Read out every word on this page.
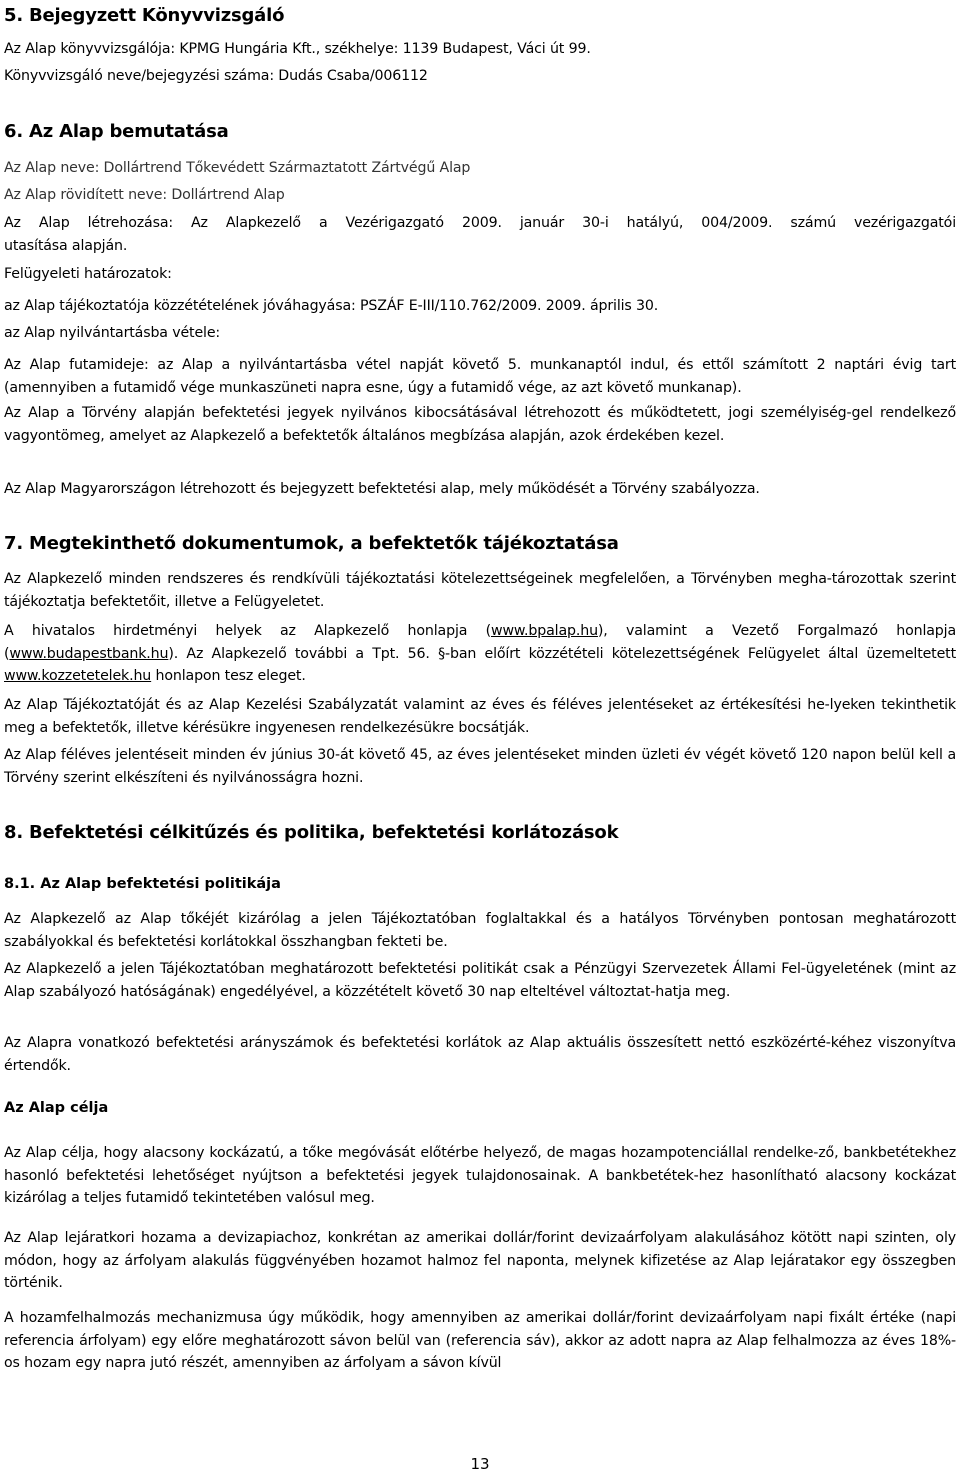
5. Bejegyzett Könyvvizsgáló

Az Alap könyvvizsgálója: KPMG Hungária Kft., székhelye: 1139 Budapest, Váci út 99.

Könyvvizsgáló neve/bejegyzési száma: Dudás Csaba/006112

6. Az Alap bemutatása

Az Alap neve: Dollártrend Tőkevédett Származtatott Zártvégű Alap

Az Alap rövidített neve: Dollártrend Alap

Az Alap létrehozása: Az Alapkezelő a Vezérigazgató 2009. január 30-i hatályú, 004/2009. számú vezérigazgatói

utasítása alapján.

Felügyeleti határozatok:

az Alap tájékoztatója közzétételének jóváhagyása: PSZÁF E-III/110.762/2009. 2009. április 30.

az Alap nyilvántartásba vétele:

Az Alap futamideje: az Alap a nyilvántartásba vétel napját követő 5. munkanaptól indul, és ettől számított 2 naptári évig tart (amennyiben a futamidő vége munkaszüneti napra esne, úgy a futamidő vége, az azt követő munkanap).

Az Alap a Törvény alapján befektetési jegyek nyilvános kibocsátásával létrehozott és működtetett, jogi személyiség-gel rendelkező vagyontömeg, amelyet az Alapkezelő a befektetők általános megbízása alapján, azok érdekében kezel.

Az Alap Magyarországon létrehozott és bejegyzett befektetési alap, mely működését a Törvény szabályozza.

7. Megtekinthető dokumentumok, a befektetők tájékoztatása

Az Alapkezelő minden rendszeres és rendkívüli tájékoztatási kötelezettségeinek megfelelően, a Törvényben megha-tározottak szerint tájékoztatja befektetőit, illetve a Felügyeletet.

A hivatalos hirdetményi helyek az Alapkezelő honlapja (www.bpalap.hu), valamint a Vezető Forgalmazó honlapja (www.budapestbank.hu). Az Alapkezelő további a Tpt. 56. §-ban előírt közzétételi kötelezettségének Felügyelet által üzemeltetett www.kozzetetelek.hu honlapon tesz eleget.

Az Alap Tájékoztatóját és az Alap Kezelési Szabályzatát valamint az éves és féléves jelentéseket az értékesítési he-lyeken tekinthetik meg a befektetők, illetve kérésükre ingyenesen rendelkezésükre bocsátják.

Az Alap féléves jelentéseit minden év június 30-át követő 45, az éves jelentéseket minden üzleti év végét követő 120 napon belül kell a Törvény szerint elkészíteni és nyilvánosságra hozni.

8. Befektetési célkitűzés és politika, befektetési korlátozások
8.1. Az Alap befektetési politikája

Az Alapkezelő az Alap tőkéjét kizárólag a jelen Tájékoztatóban foglaltakkal és a hatályos Törvényben pontosan meghatározott szabályokkal és befektetési korlátokkal összhangban fekteti be.

Az Alapkezelő a jelen Tájékoztatóban meghatározott befektetési politikát csak a Pénzügyi Szervezetek Állami Fel-ügyeletének (mint az Alap szabályozó hatóságának) engedélyével, a közzétételt követő 30 nap elteltével változtat-hatja meg.

Az Alapra vonatkozó befektetési arányszámok és befektetési korlátok az Alap aktuális összesített nettó eszközérté-kéhez viszonyítva értendők.

Az Alap célja

Az Alap célja, hogy alacsony kockázatú, a tőke megóvását előtérbe helyező, de magas hozampotenciállal rendelke-ző, bankbetétekhez hasonló befektetési lehetőséget nyújtson a befektetési jegyek tulajdonosainak. A bankbetétek-hez hasonlítható alacsony kockázat kizárólag a teljes futamidő tekintetében valósul meg.

Az Alap lejáratkori hozama a devizapiachoz, konkrétan az amerikai dollár/forint devizaárfolyam alakulásához kötött napi szinten, oly módon, hogy az árfolyam alakulás függvényében hozamot halmoz fel naponta, melynek kifizetése az Alap lejáratakor egy összegben történik.

A hozamfelhalmozás mechanizmusa úgy működik, hogy amennyiben az amerikai dollár/forint devizaárfolyam napi fixált értéke (napi referencia árfolyam) egy előre meghatározott sávon belül van (referencia sáv), akkor az adott napra az Alap felhalmozza az éves 18%-os hozam egy napra jutó részét, amennyiben az árfolyam a sávon kívül

13
